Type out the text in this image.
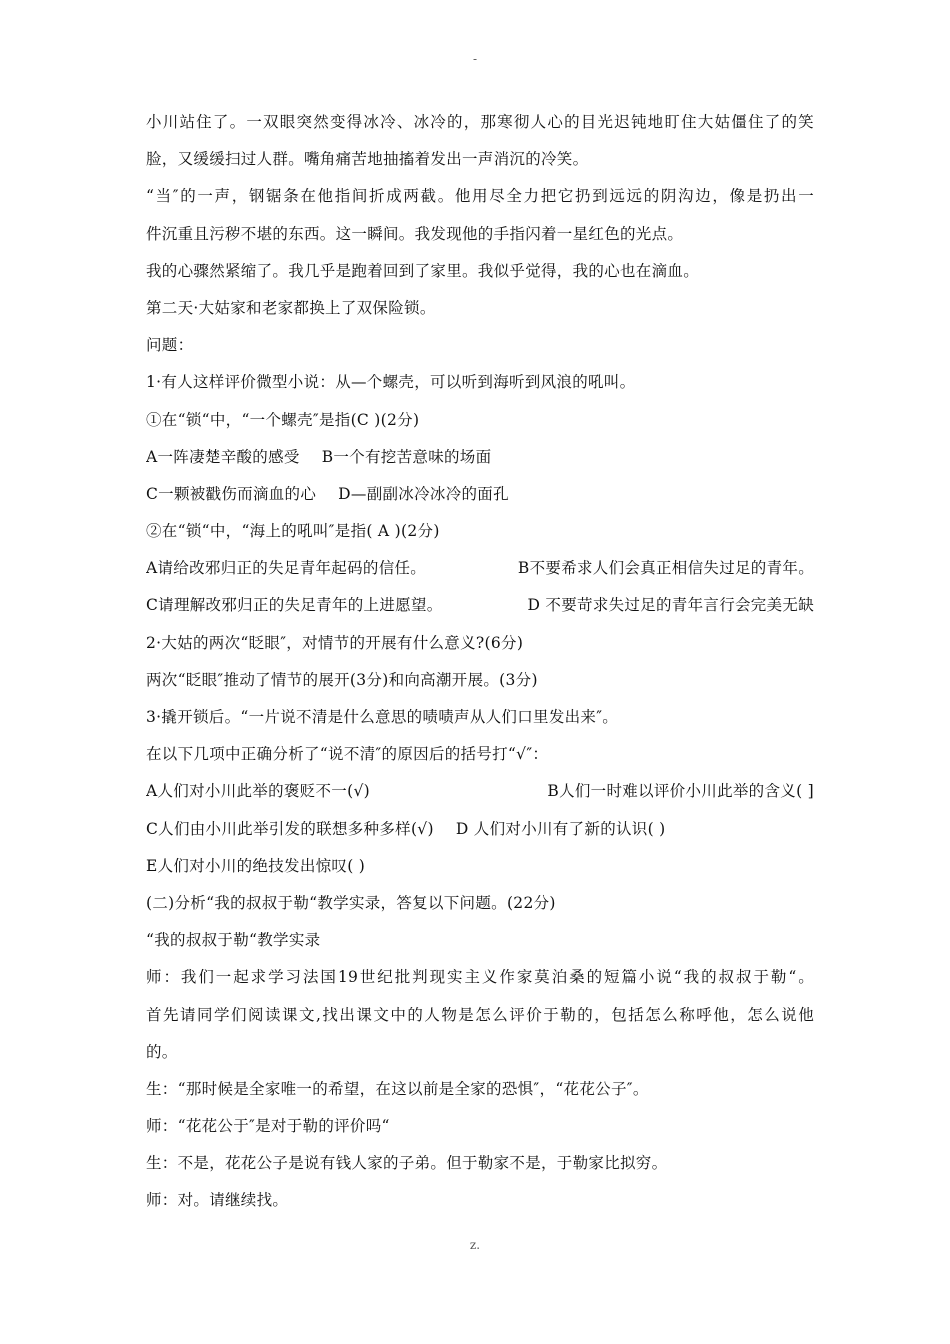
-
小川站住了。一双眼突然变得冰冷、冰冷的，那寒彻人心的目光迟钝地盯住大姑僵住了的笑
脸，又缓缓扫过人群。嘴角痛苦地抽搐着发出一声消沉的冷笑。
“当″的一声，钢锯条在他指间折成两截。他用尽全力把它扔到远远的阴沟边，像是扔出一
件沉重且污秽不堪的东西。这一瞬间。我发现他的手指闪着一星红色的光点。
我的心骤然紧缩了。我几乎是跑着回到了家里。我似乎觉得，我的心也在滴血。
第二天·大姑家和老家都换上了双保险锁。
问题：
1·有人这样评价微型小说：从—个螺壳，可以听到海听到风浪的吼叫。
①在“锁“中，“一个螺壳″是指(C )(2分)
A一阵凄楚辛酸的感受 B一个有挖苦意味的场面
C一颗被戳伤而滴血的心 D—副副冰冷冰冷的面孔
②在“锁“中，“海上的吼叫″是指( A )(2分)
A请给改邪归正的失足青年起码的信任。	B不要希求人们会真正相信失过足的青年。
C请理解改邪归正的失足青年的上进愿望。	D 不要苛求失过足的青年言行会完美无缺
2·大姑的两次“眨眼″，对情节的开展有什么意义?(6分)
两次“眨眼″推动了情节的展开(3分)和向高潮开展。(3分)
3·撬开锁后。“一片说不清是什么意思的啧啧声从人们口里发出来″。
在以下几项中正确分析了“说不清″的原因后的括号打“√″：
A人们对小川此举的褒贬不一(√)	B人们一时难以评价小川此举的含义( ]
C人们由小川此举引发的联想多种多样(√) D 人们对小川有了新的认识( )
E人们对小川的绝技发出惊叹( )
(二)分析“我的叔叔于勒“教学实录，答复以下问题。(22分)
“我的叔叔于勒“教学实录
师：我们一起求学习法国19世纪批判现实主义作家莫泊桑的短篇小说“我的叔叔于勒“。
首先请同学们阅读课文,找出课文中的人物是怎么评价于勒的，包括怎么称呼他，怎么说他
的。
生：“那时候是全家唯一的希望，在这以前是全家的恐惧″，“花花公子″。
师：“花花公于″是对于勒的评价吗“
生：不是，花花公子是说有钱人家的子弟。但于勒家不是，于勒家比拟穷。
师：对。请继续找。
z.
